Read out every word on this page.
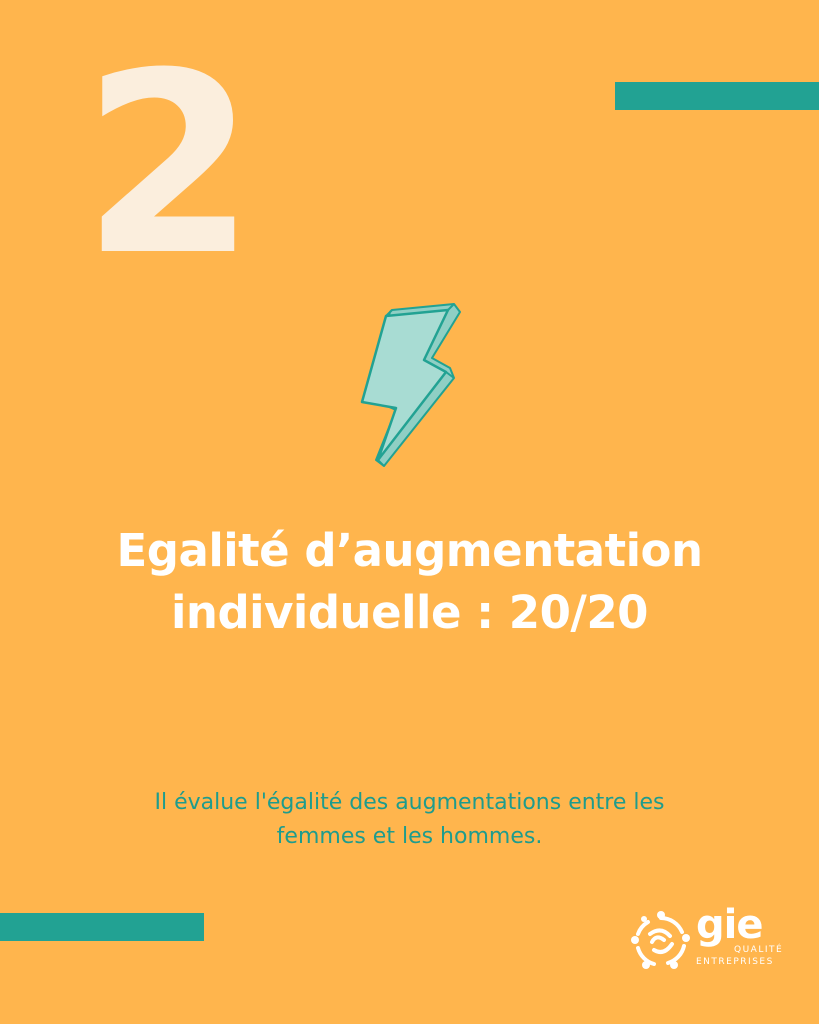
2
Egalité d’augmentation
individuelle : 20/20
Il évalue l'égalité des augmentations entre les
femmes et les hommes.
gie
QUALITÉ
ENTREPRISES
